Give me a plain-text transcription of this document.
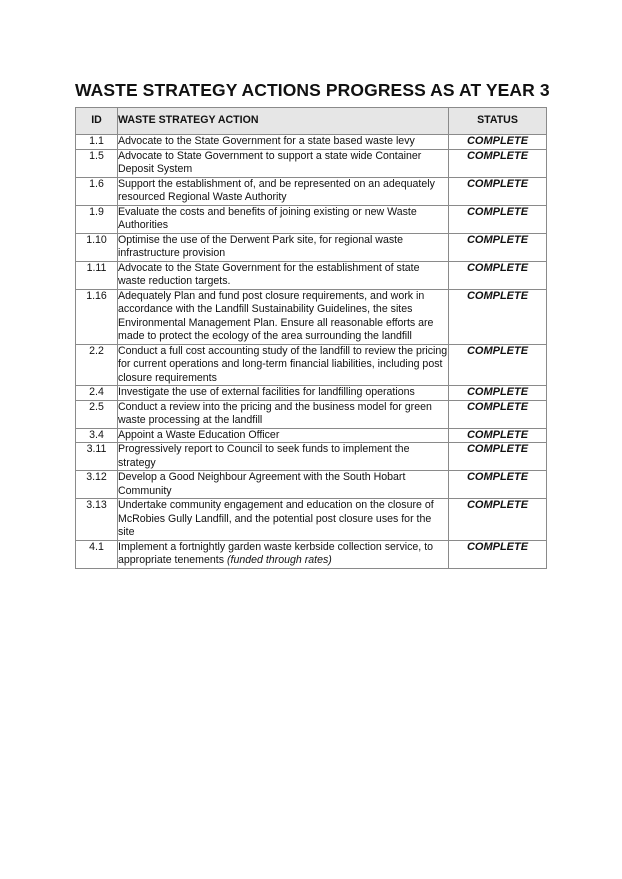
WASTE STRATEGY ACTIONS PROGRESS AS AT YEAR 3
ID	WASTE STRATEGY ACTION	STATUS
1.1	Advocate to the State Government for a state based waste levy	COMPLETE
1.5	Advocate to State Government to support a state wide Container Deposit System	COMPLETE
1.6	Support the establishment of, and be represented on an adequately resourced Regional Waste Authority	COMPLETE
1.9	Evaluate the costs and benefits of joining existing or new Waste Authorities	COMPLETE
1.10	Optimise the use of the Derwent Park site, for regional waste infrastructure provision	COMPLETE
1.11	Advocate to the State Government for the establishment of state waste reduction targets.	COMPLETE
1.16	Adequately Plan and fund post closure requirements, and work in accordance with the Landfill Sustainability Guidelines, the sites Environmental Management Plan. Ensure all reasonable efforts are made to protect the ecology of the area surrounding the landfill	COMPLETE
2.2	Conduct a full cost accounting study of the landfill to review the pricing for current operations and long-term financial liabilities, including post closure requirements	COMPLETE
2.4	Investigate the use of external facilities for landfilling operations	COMPLETE
2.5	Conduct a review into the pricing and the business model for green waste processing at the landfill	COMPLETE
3.4	Appoint a Waste Education Officer	COMPLETE
3.11	Progressively report to Council to seek funds to implement the strategy	COMPLETE
3.12	Develop a Good Neighbour Agreement with the South Hobart Community	COMPLETE
3.13	Undertake community engagement and education on the closure of McRobies Gully Landfill, and the potential post closure uses for the site	COMPLETE
4.1	Implement a fortnightly garden waste kerbside collection service, to appropriate tenements (funded through rates)	COMPLETE
